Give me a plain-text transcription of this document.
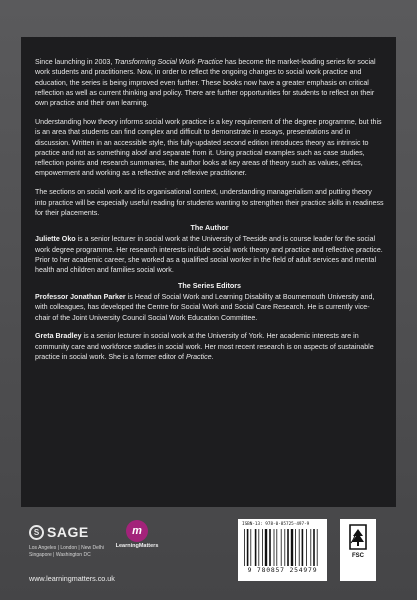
Since launching in 2003, Transforming Social Work Practice has become the market-leading series for social work students and practitioners. Now, in order to reflect the ongoing changes to social work practice and education, the series is being improved even further. These books now have a greater emphasis on critical reflection as well as current thinking and policy. There are further opportunities for students to reflect on their own practice and their own learning.

Understanding how theory informs social work practice is a key requirement of the degree programme, but this is an area that students can find complex and difficult to demonstrate in essays, presentations and in discussion. Written in an accessible style, this fully-updated second edition introduces theory as intrinsic to practice and not as something aloof and separate from it. Using practical examples such as case studies, reflection points and research summaries, the author looks at key areas of theory such as values, ethics, empowerment and working as a reflective and reflexive practitioner.

The sections on social work and its organisational context, understanding managerialism and putting theory into practice will be especially useful reading for students wanting to strengthen their practice skills in readiness for their placements.

The Author

Juliette Oko is a senior lecturer in social work at the University of Teeside and is course leader for the social work degree programme. Her research interests include social work theory and practice and reflective practice. Prior to her academic career, she worked as a qualified social worker in the field of adult services and mental health and children and families social work.

The Series Editors

Professor Jonathan Parker is Head of Social Work and Learning Disability at Bournemouth University and, with colleagues, has developed the Centre for Social Work and Social Care Research. He is currently vice-chair of the Joint University Council Social Work Education Committee.

Greta Bradley is a senior lecturer in social work at the University of York. Her academic interests are in community care and workforce studies in social work. Her most recent research is on aspects of sustainable practice in social work. She is a former editor of Practice.

S SAGE
Los Angeles | London | New Delhi Singapore | Washington DC
m
LearningMatters
www.learningmatters.co.uk
ISBN-13: 978-0-85725-497-9
9 780857 254979
FSC
